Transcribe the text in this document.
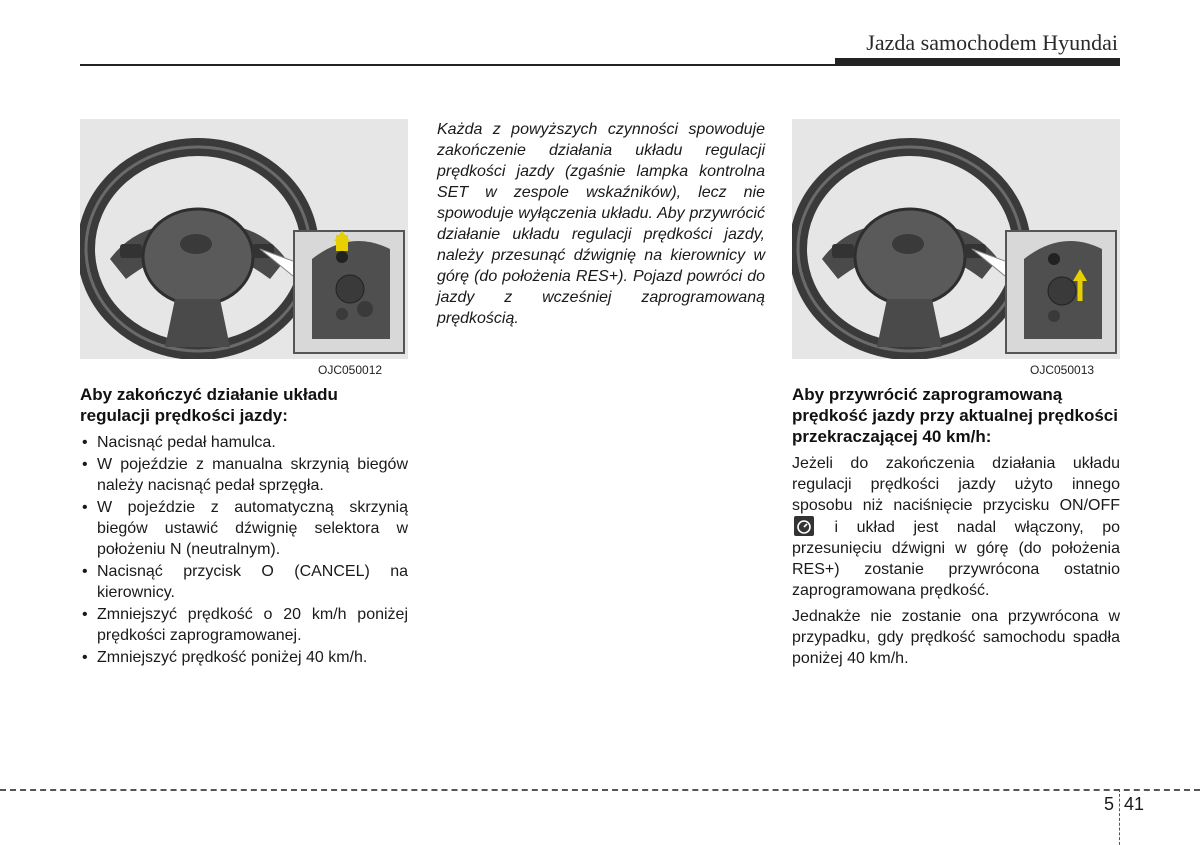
Jazda samochodem Hyundai
OJC050012	OJC050013
Aby zakończyć działanie układu regulacji prędkości jazdy:
• Nacisnąć pedał hamulca.
• W pojeździe z manualna skrzynią biegów należy nacisnąć pedał sprzęgła.
• W pojeździe z automatyczną skrzynią biegów ustawić dźwignię selektora w położeniu N (neutralnym).
• Nacisnąć przycisk O (CANCEL) na kierownicy.
• Zmniejszyć prędkość o 20 km/h poniżej prędkości zaprogramowanej.
• Zmniejszyć prędkość poniżej 40 km/h.

Każda z powyższych czynności spowoduje zakończenie działania układu regulacji prędkości jazdy (zgaśnie lampka kontrolna SET w zespole wskaźników), lecz nie spowoduje wyłączenia układu. Aby przywrócić działanie układu regulacji prędkości jazdy, należy przesunąć dźwignię na kierownicy w górę (do położenia RES+). Pojazd powróci do jazdy z wcześniej zaprogramowaną prędkością.

Aby przywrócić zaprogramowaną prędkość jazdy przy aktualnej prędkości przekraczającej 40 km/h:

Jeżeli do zakończenia działania układu regulacji prędkości jazdy użyto innego sposobu niż naciśnięcie przycisku ON/OFF  i układ jest nadal włączony, po przesunięciu dźwigni w górę (do położenia RES+) zostanie przywrócona ostatnio zaprogramowana prędkość.

Jednakże nie zostanie ona przywrócona w przypadku, gdy prędkość samochodu spadła poniżej 40 km/h.

5 41
